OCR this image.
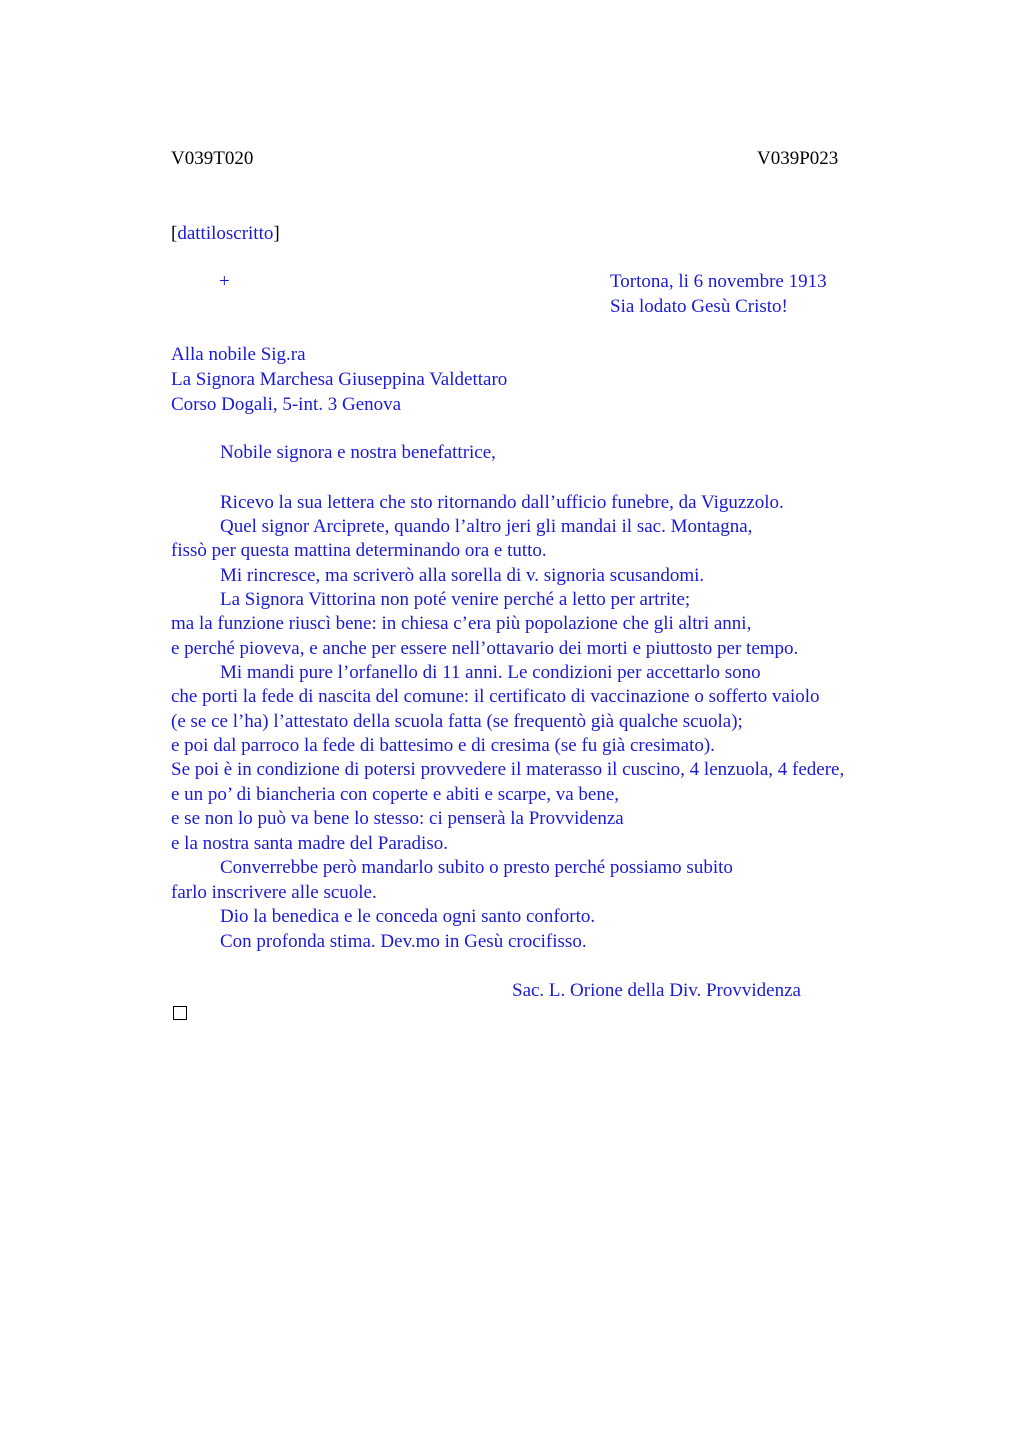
V039T020	V039P023
[dattiloscritto]
+	Tortona, li 6 novembre 1913
Sia lodato Gesù Cristo!
Alla nobile Sig.ra
La Signora Marchesa Giuseppina Valdettaro
Corso Dogali, 5-int. 3 Genova
Nobile signora e nostra benefattrice,
Ricevo la sua lettera che sto ritornando dall’ufficio funebre, da Viguzzolo.
Quel signor Arciprete, quando l’altro jeri gli mandai il sac. Montagna,
fissò per questa mattina determinando ora e tutto.
Mi rincresce, ma scriverò alla sorella di v. signoria scusandomi.
La Signora Vittorina non poté venire perché a letto per artrite;
ma la funzione riuscì bene: in chiesa c’era più popolazione che gli altri anni,
e perché pioveva, e anche per essere nell’ottavario dei morti e piuttosto per tempo.
Mi mandi pure l’orfanello di 11 anni. Le condizioni per accettarlo sono
che porti la fede di nascita del comune: il certificato di vaccinazione o sofferto vaiolo
(e se ce l’ha) l’attestato della scuola fatta (se frequentò già qualche scuola);
e poi dal parroco la fede di battesimo e di cresima (se fu già cresimato).
Se poi è in condizione di potersi provvedere il materasso il cuscino, 4 lenzuola, 4 federe,
e un po’ di biancheria con coperte e abiti e scarpe, va bene,
e se non lo può va bene lo stesso: ci penserà la Provvidenza
e la nostra santa madre del Paradiso.
Converrebbe però mandarlo subito o presto perché possiamo subito
farlo inscrivere alle scuole.
Dio la benedica e le conceda ogni santo conforto.
Con profonda stima. Dev.mo in Gesù crocifisso.
Sac. L. Orione della Div. Provvidenza
